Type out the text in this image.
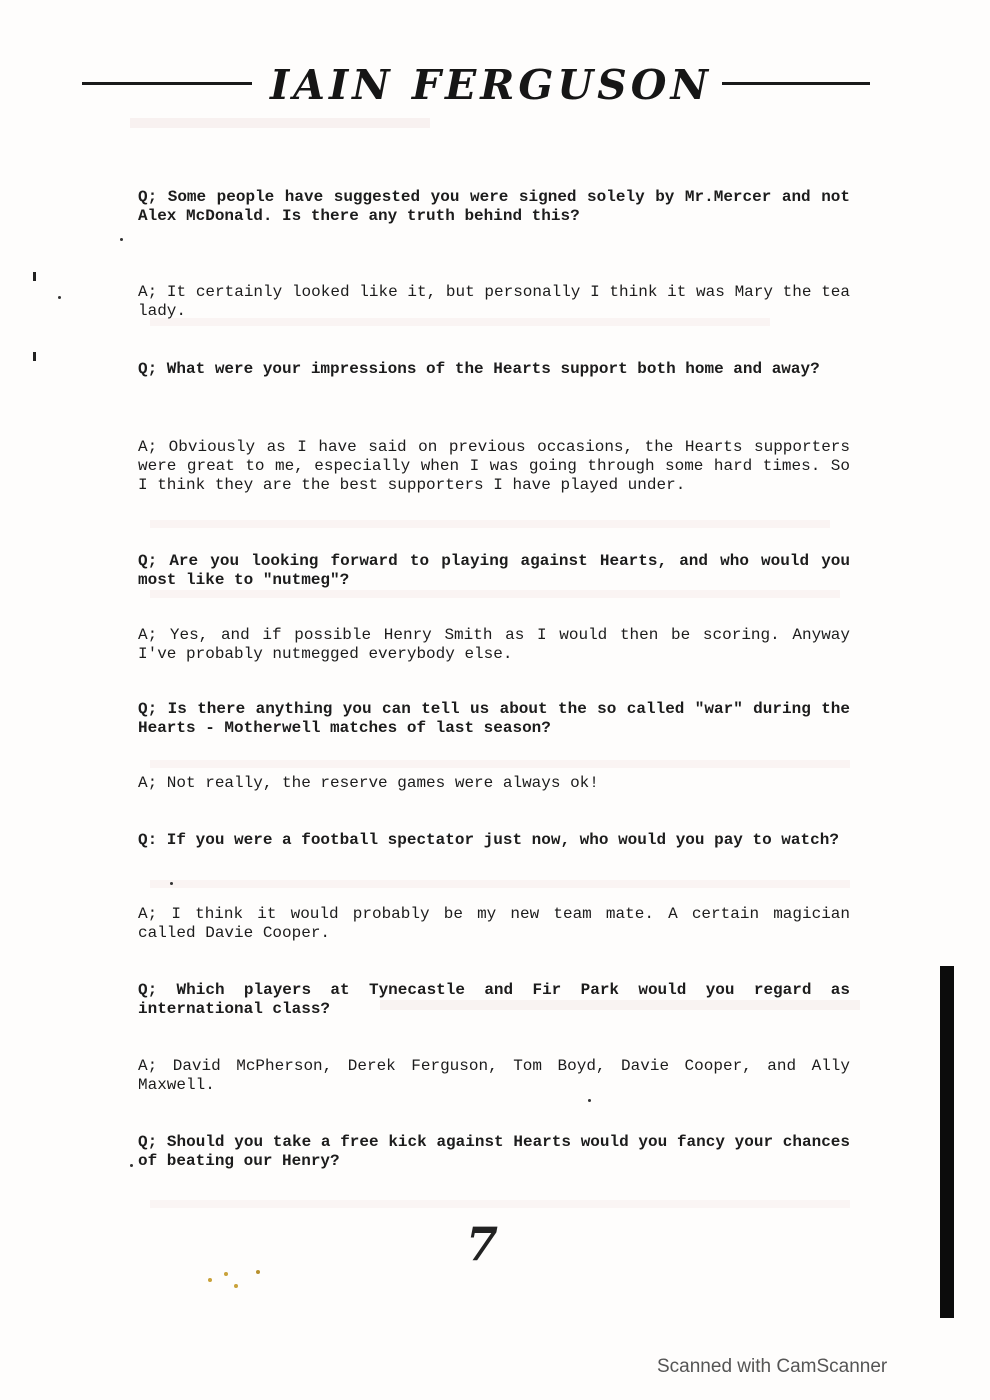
IAIN FERGUSON

Q; Some people have suggested you were signed solely by Mr.Mercer and not Alex McDonald. Is there any truth behind this?

A; It certainly looked like it, but personally I think it was Mary the tea lady.

Q; What were your impressions of the Hearts support both home and away?

A; Obviously as I have said on previous occasions, the Hearts supporters were great to me, especially when I was going through some hard times. So I think they are the best supporters I have played under.

Q; Are you looking forward to playing against Hearts, and who would you most like to "nutmeg"?

A; Yes, and if possible Henry Smith as I would then be scoring. Anyway I've probably nutmegged everybody else.

Q; Is there anything you can tell us about the so called "war" during the Hearts - Motherwell matches of last season?

A; Not really, the reserve games were always ok!

Q: If you were a football spectator just now, who would you pay to watch?

A; I think it would probably be my new team mate. A certain magician called Davie Cooper.

Q; Which players at Tynecastle and Fir Park would you regard as international class?

A; David McPherson, Derek Ferguson, Tom Boyd, Davie Cooper, and Ally Maxwell.

Q; Should you take a free kick against Hearts would you fancy your chances of beating our Henry?

7
Scanned with CamScanner
